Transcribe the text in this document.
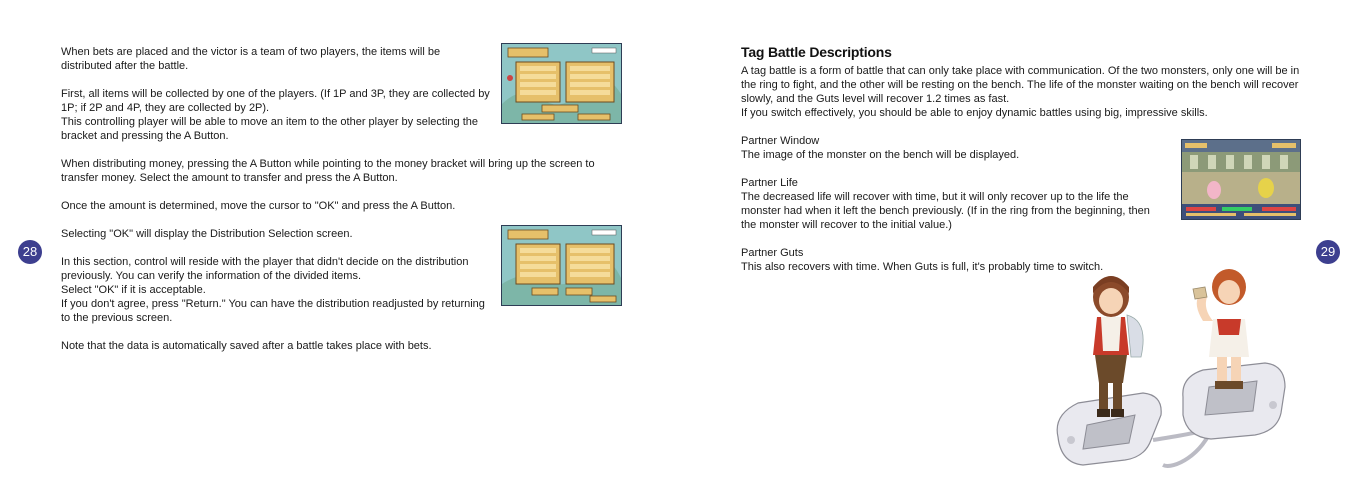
28

When bets are placed and the victor is a team of two players, the items will be distributed after the battle.

First, all items will be collected by one of the players. (If 1P and 3P, they are collected by 1P; if 2P and 4P, they are collected by 2P).

This controlling player will be able to move an item to the other player by selecting the bracket and pressing the A Button.

When distributing money, pressing the A Button while pointing to the money bracket will bring up the screen to transfer money. Select the amount to transfer and press the A Button.

Once the amount is determined, move the cursor to "OK" and press the A Button.

Selecting "OK" will display the Distribution Selection screen.

In this section, control will reside with the player that didn't decide on the distribution previously. You can verify the information of the divided items.

Select "OK" if it is acceptable.

If you don't agree, press "Return." You can have the distribution readjusted by returning to the previous screen.

Note that the data is automatically saved after a battle takes place with bets.

Tag Battle Descriptions

A tag battle is a form of battle that can only take place with communication. Of the two monsters, only one will be in the ring to fight, and the other will be resting on the bench. The life of the monster waiting on the bench will recover slowly, and the Guts level will recover 1.2 times as fast.

If you switch effectively, you should be able to enjoy dynamic battles using big, impressive skills.

Partner Window

The image of the monster on the bench will be displayed.

Partner Life

The decreased life will recover with time, but it will only recover up to the life the monster had when it left the bench previously. (If in the ring from the beginning, then the monster will recover to the initial value.)

Partner Guts

This also recovers with time. When Guts is full, it's probably time to switch.

29
